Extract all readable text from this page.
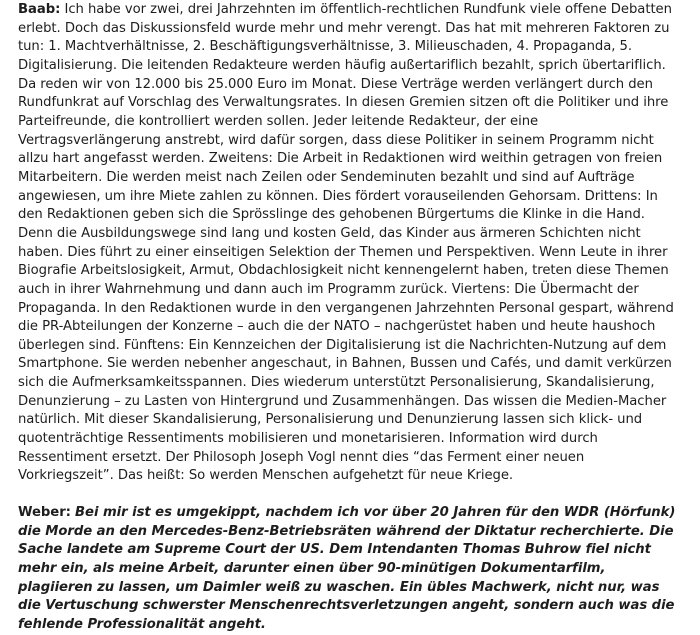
Baab: Ich habe vor zwei, drei Jahrzehnten im öffentlich-rechtlichen Rundfunk viele offene Debatten erlebt. Doch das Diskussionsfeld wurde mehr und mehr verengt. Das hat mit mehreren Faktoren zu tun: 1. Machtverhältnisse, 2. Beschäftigungsverhältnisse, 3. Milieuschaden, 4. Propaganda, 5. Digitalisierung. Die leitenden Redakteure werden häufig außertariflich bezahlt, sprich übertariflich. Da reden wir von 12.000 bis 25.000 Euro im Monat. Diese Verträge werden verlängert durch den Rundfunkrat auf Vorschlag des Verwaltungsrates. In diesen Gremien sitzen oft die Politiker und ihre Parteifreunde, die kontrolliert werden sollen. Jeder leitende Redakteur, der eine Vertragsverlängerung anstrebt, wird dafür sorgen, dass diese Politiker in seinem Programm nicht allzu hart angefasst werden. Zweitens: Die Arbeit in Redaktionen wird weithin getragen von freien Mitarbeitern. Die werden meist nach Zeilen oder Sendeminuten bezahlt und sind auf Aufträge angewiesen, um ihre Miete zahlen zu können. Dies fördert vorauseilenden Gehorsam. Drittens: In den Redaktionen geben sich die Sprösslinge des gehobenen Bürgertums die Klinke in die Hand. Denn die Ausbildungswege sind lang und kosten Geld, das Kinder aus ärmeren Schichten nicht haben. Dies führt zu einer einseitigen Selektion der Themen und Perspektiven. Wenn Leute in ihrer Biografie Arbeitslosigkeit, Armut, Obdachlosigkeit nicht kennengelernt haben, treten diese Themen auch in ihrer Wahrnehmung und dann auch im Programm zurück. Viertens: Die Übermacht der Propaganda. In den Redaktionen wurde in den vergangenen Jahrzehnten Personal gespart, während die PR-Abteilungen der Konzerne – auch die der NATO – nachgerüstet haben und heute haushoch überlegen sind. Fünftens: Ein Kennzeichen der Digitalisierung ist die Nachrichten-Nutzung auf dem Smartphone. Sie werden nebenher angeschaut, in Bahnen, Bussen und Cafés, und damit verkürzen sich die Aufmerksamkeitsspannen. Dies wiederum unterstützt Personalisierung, Skandalisierung, Denunzierung – zu Lasten von Hintergrund und Zusammenhängen. Das wissen die Medien-Macher natürlich. Mit dieser Skandalisierung, Personalisierung und Denunzierung lassen sich klick- und quotenträchtige Ressentiments mobilisieren und monetarisieren. Information wird durch Ressentiment ersetzt. Der Philosoph Joseph Vogl nennt dies “das Ferment einer neuen Vorkriegszeit”. Das heißt: So werden Menschen aufgehetzt für neue Kriege.

Weber: Bei mir ist es umgekippt, nachdem ich vor über 20 Jahren für den WDR (Hörfunk) die Morde an den Mercedes-Benz-Betriebsräten während der Diktatur recherchierte. Die Sache landete am Supreme Court der US. Dem Intendanten Thomas Buhrow fiel nicht mehr ein, als meine Arbeit, darunter einen über 90-minütigen Dokumentarfilm, plagiieren zu lassen, um Daimler weiß zu waschen. Ein übles Machwerk, nicht nur, was die Vertuschung schwerster Menschenrechtsverletzungen angeht, sondern auch was die fehlende Professionalität angeht.
